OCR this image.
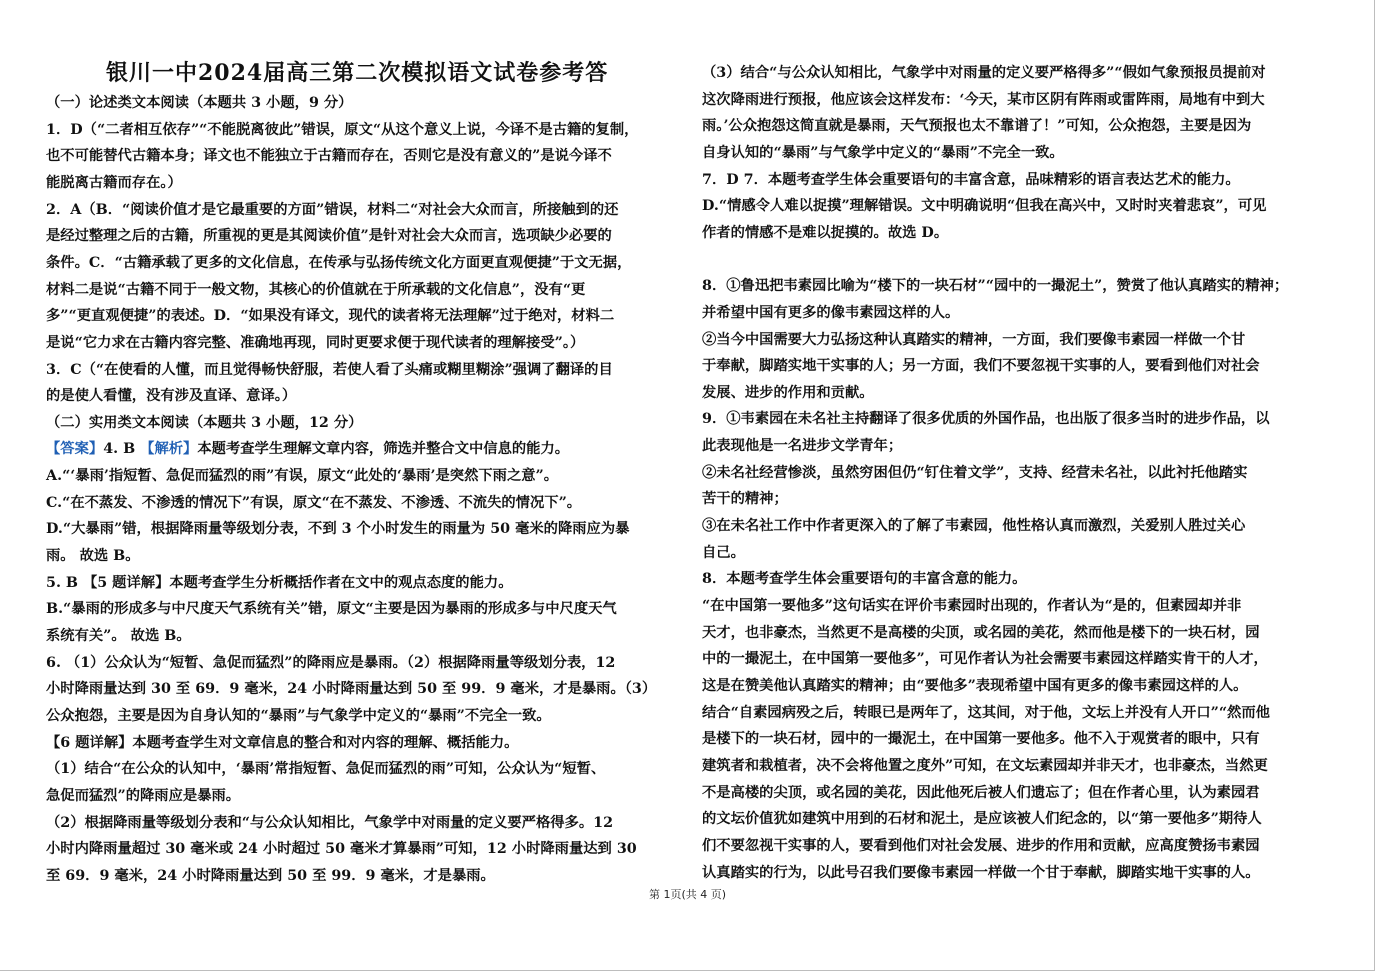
银川一中2024届高三第二次模拟语文试卷参考答
（一）论述类文本阅读（本题共 3 小题，9 分）
1．D（“二者相互依存”“不能脱离彼此”错误，原文“从这个意义上说，今译不是古籍的复制，
也不可能替代古籍本身；译文也不能独立于古籍而存在，否则它是没有意义的”是说今译不
能脱离古籍而存在。）
2．A（B．“阅读价值才是它最重要的方面”错误，材料二“对社会大众而言，所接触到的还
是经过整理之后的古籍，所重视的更是其阅读价值”是针对社会大众而言，选项缺少必要的
条件。C．“古籍承载了更多的文化信息，在传承与弘扬传统文化方面更直观便捷”于文无据，
材料二是说“古籍不同于一般文物，其核心的价值就在于所承载的文化信息”，没有“更
多”“更直观便捷”的表述。D．“如果没有译文，现代的读者将无法理解”过于绝对，材料二
是说“它力求在古籍内容完整、准确地再现，同时更要求便于现代读者的理解接受”。）
3．C（“在使看的人懂，而且觉得畅快舒服，若使人看了头痛或糊里糊涂”强调了翻译的目
的是使人看懂，没有涉及直译、意译。）
（二）实用类文本阅读（本题共 3 小题，12 分）
A.“‘暴雨’指短暂、急促而猛烈的雨”有误，原文“此处的‘暴雨’是突然下雨之意”。
C.“在不蒸发、不渗透的情况下”有误，原文“在不蒸发、不渗透、不流失的情况下”。
D.“大暴雨”错，根据降雨量等级划分表，不到 3 个小时发生的雨量为 50 毫米的降雨应为暴
雨。 故选 B。
5. B 【5 题详解】本题考查学生分析概括作者在文中的观点态度的能力。
B.“暴雨的形成多与中尺度天气系统有关”错，原文“主要是因为暴雨的形成多与中尺度天气
系统有关”。 故选 B。
6. （1）公众认为“短暂、急促而猛烈”的降雨应是暴雨。（2）根据降雨量等级划分表，12
小时降雨量达到 30 至 69．9 毫米，24 小时降雨量达到 50 至 99．9 毫米，才是暴雨。（3）
公众抱怨，主要是因为自身认知的“暴雨”与气象学中定义的“暴雨”不完全一致。
【6 题详解】本题考查学生对文章信息的整合和对内容的理解、概括能力。
（1）结合“在公众的认知中，‘暴雨’常指短暂、急促而猛烈的雨”可知，公众认为“短暂、
急促而猛烈”的降雨应是暴雨。
（2）根据降雨量等级划分表和“与公众认知相比，气象学中对雨量的定义要严格得多。12
小时内降雨量超过 30 毫米或 24 小时超过 50 毫米才算暴雨”可知，12 小时降雨量达到 30
至 69．9 毫米，24 小时降雨量达到 50 至 99．9 毫米，才是暴雨。
【答案】4. B 【解析】本题考查学生理解文章内容，筛选并整合文中信息的能力。
（3）结合“与公众认知相比，气象学中对雨量的定义要严格得多”“假如气象预报员提前对
这次降雨进行预报，他应该会这样发布：‘今天，某市区阴有阵雨或雷阵雨，局地有中到大
雨。’公众抱怨这简直就是暴雨，天气预报也太不靠谱了！”可知，公众抱怨，主要是因为
自身认知的“暴雨”与气象学中定义的“暴雨”不完全一致。
7．D 7．本题考查学生体会重要语句的丰富含意，品味精彩的语言表达艺术的能力。
D.“情感令人难以捉摸”理解错误。文中明确说明“但我在高兴中，又时时夹着悲哀”，可见
作者的情感不是难以捉摸的。故选 D。
8．①鲁迅把韦素园比喻为“楼下的一块石材”“园中的一撮泥土”，赞赏了他认真踏实的精神；
并希望中国有更多的像韦素园这样的人。
②当今中国需要大力弘扬这种认真踏实的精神，一方面，我们要像韦素园一样做一个甘
于奉献，脚踏实地干实事的人；另一方面，我们不要忽视干实事的人，要看到他们对社会
发展、进步的作用和贡献。
9．①韦素园在未名社主持翻译了很多优质的外国作品，也出版了很多当时的进步作品，以
此表现他是一名进步文学青年；
②未名社经营惨淡，虽然穷困但仍“钉住着文学”，支持、经营未名社，以此衬托他踏实
苦干的精神；
③在未名社工作中作者更深入的了解了韦素园，他性格认真而激烈，关爱别人胜过关心
自己。
8．本题考查学生体会重要语句的丰富含意的能力。
“在中国第一要他多”这句话实在评价韦素园时出现的，作者认为“是的，但素园却并非
天才，也非豪杰，当然更不是高楼的尖顶，或名园的美花，然而他是楼下的一块石材，园
中的一撮泥土，在中国第一要他多”，可见作者认为社会需要韦素园这样踏实肯干的人才，
这是在赞美他认真踏实的精神；由“要他多”表现希望中国有更多的像韦素园这样的人。
结合“自素园病殁之后，转眼已是两年了，这其间，对于他，文坛上并没有人开口”“然而他
是楼下的一块石材，园中的一撮泥土，在中国第一要他多。他不入于观赏者的眼中，只有
建筑者和栽植者，决不会将他置之度外”可知，在文坛素园却并非天才，也非豪杰，当然更
不是高楼的尖顶，或名园的美花，因此他死后被人们遗忘了；但在作者心里，认为素园君
的文坛价值犹如建筑中用到的石材和泥土，是应该被人们纪念的，以“第一要他多”期待人
们不要忽视干实事的人，要看到他们对社会发展、进步的作用和贡献，应高度赞扬韦素园
认真踏实的行为，以此号召我们要像韦素园一样做一个甘于奉献，脚踏实地干实事的人。
第 1页(共 4 页)
